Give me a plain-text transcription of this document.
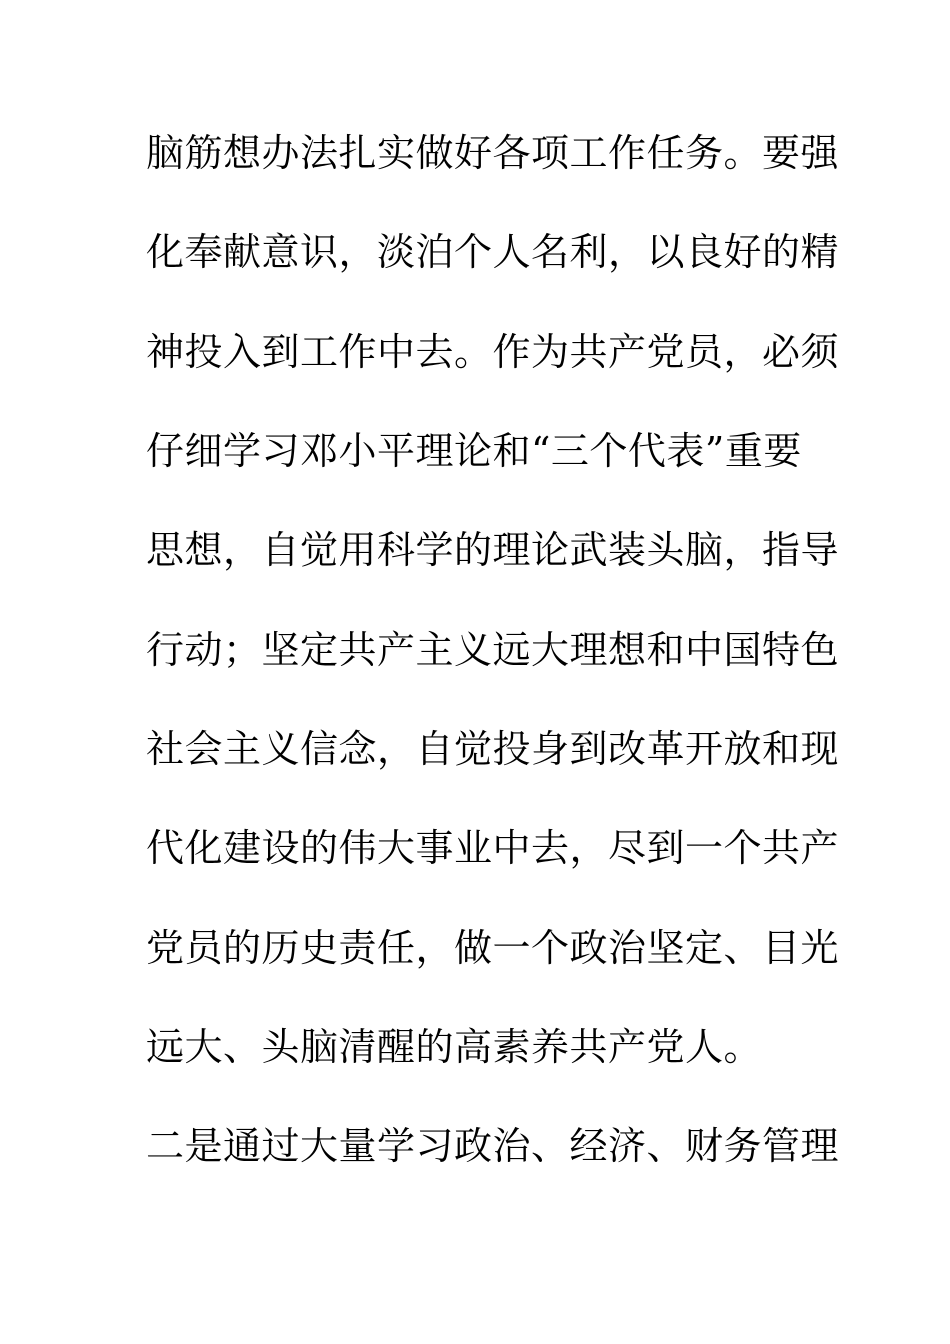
脑筋想办法扎实做好各项工作任务。要强
化奉献意识，淡泊个人名利，以良好的精
神投入到工作中去。作为共产党员，必须
仔细学习邓小平理论和“三个代表”重要
思想，自觉用科学的理论武装头脑，指导
行动；坚定共产主义远大理想和中国特色
社会主义信念，自觉投身到改革开放和现
代化建设的伟大事业中去，尽到一个共产
党员的历史责任，做一个政治坚定、目光
远大、头脑清醒的高素养共产党人。
二是通过大量学习政治、经济、财务管理
